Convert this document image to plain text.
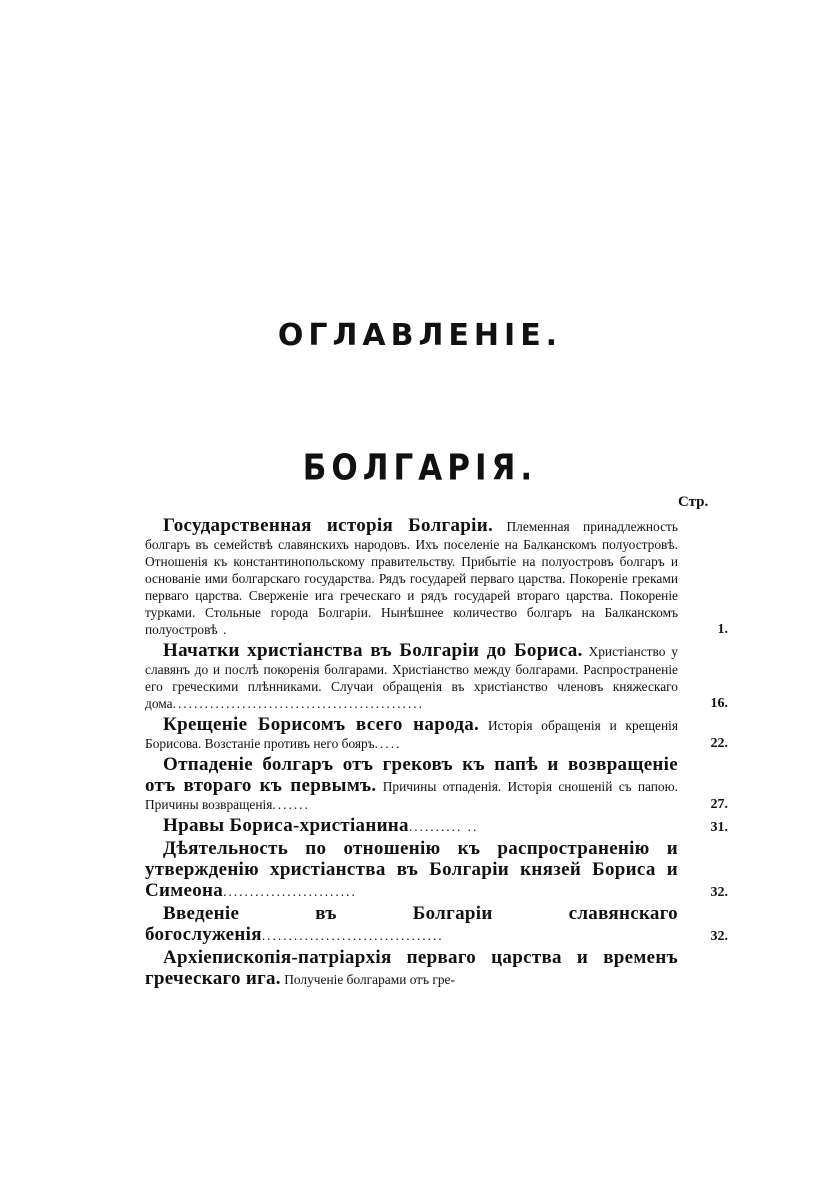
ОГЛАВЛЕНІЕ.
БОЛГАРІЯ.
Стр.

Государственная исторія Болгаріи. Племенная принадлежность болгаръ въ семействѣ славянскихъ народовъ. Ихъ поселеніе на Балканскомъ полуостровѣ. Отношенія къ константинопольскому правительству. Прибытіе на полуостровъ болгаръ и основаніе ими болгарскаго государства. Рядъ государей перваго царства. Покореніе греками перваго царства. Сверженіе ига греческаго и рядъ государей втораго царства. Покореніе турками. Стольные города Болгаріи. Нынѣшнее количество болгаръ на Балканскомъ полуостровѣ .	1.

Начатки христіанства въ Болгаріи до Бориса. Христіанство у славянъ до и послѣ покоренія болгарами. Христіанство между болгарами. Распространеніе его греческими плѣнниками. Случаи обращенія въ христіанство членовъ княжескаго дома...............................................	16.

Крещеніе Борисомъ всего народа. Исторія обращенія и крещенія Борисова. Возстаніе противъ него бояръ.....	22.

Отпаденіе болгаръ отъ грековъ къ папѣ и возвращеніе отъ втораго къ первымъ. Причины отпаденія. Исторія сношеній съ папою. Причины возвращенія.......	27.

Нравы Бориса-христіанина.......... ..	31.

Дѣятельность по отношенію къ распространенію и утвержденію христіанства въ Болгаріи князей Бориса и Симеона.........................	32.

Введеніе въ Болгаріи славянскаго богослуженія..................................	32.

Архіепископія-патріархія перваго царства и временъ греческаго ига. Полученіе болгарами отъ гре-
